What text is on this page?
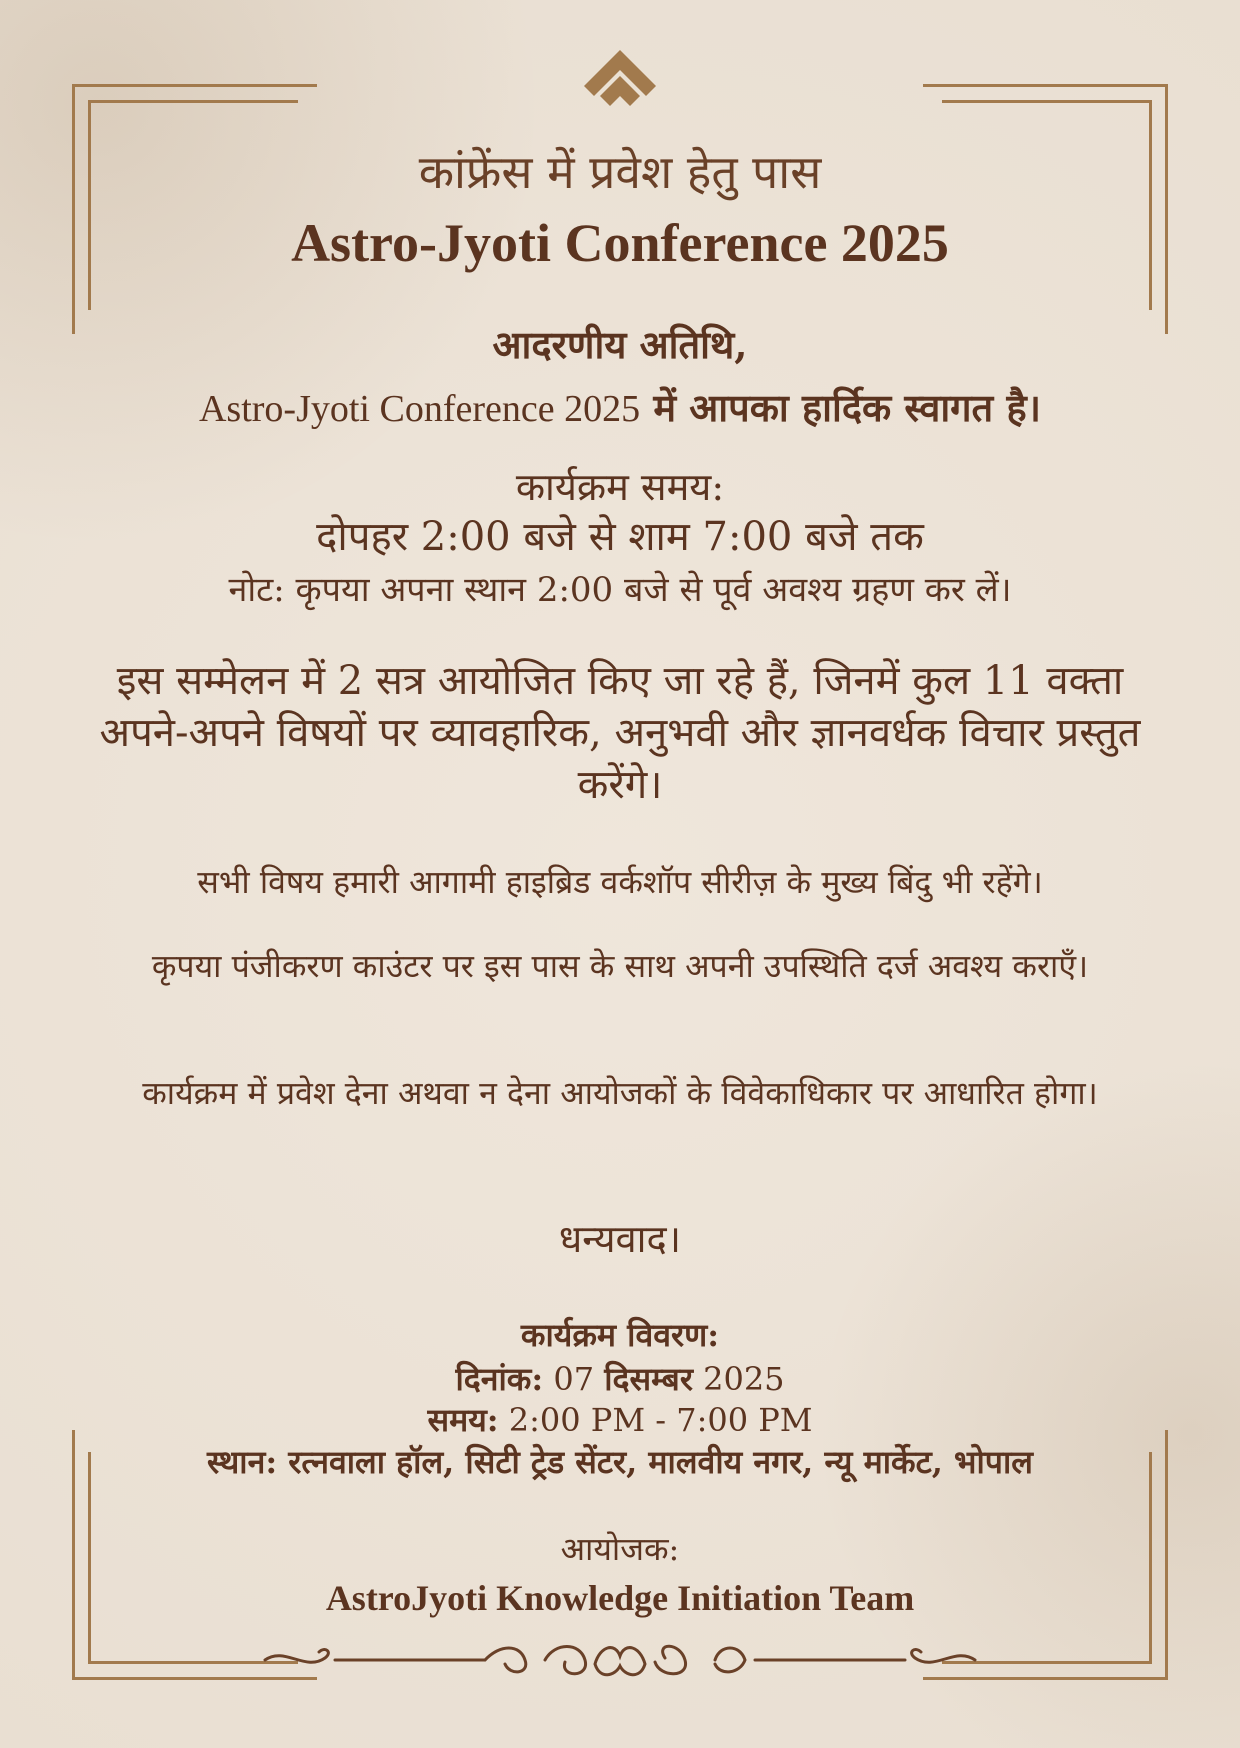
कांफ्रेंस में प्रवेश हेतु पास
Astro-Jyoti Conference 2025
आदरणीय अतिथि,
Astro-Jyoti Conference 2025 में आपका हार्दिक स्वागत है।
कार्यक्रम समय:
दोपहर 2:00 बजे से शाम 7:00 बजे तक
नोट: कृपया अपना स्थान 2:00 बजे से पूर्व अवश्य ग्रहण कर लें।
इस सम्मेलन में 2 सत्र आयोजित किए जा रहे हैं, जिनमें कुल 11 वक्ता अपने-अपने विषयों पर व्यावहारिक, अनुभवी और ज्ञानवर्धक विचार प्रस्तुत करेंगे।
सभी विषय हमारी आगामी हाइब्रिड वर्कशॉप सीरीज़ के मुख्य बिंदु भी रहेंगे।
कृपया पंजीकरण काउंटर पर इस पास के साथ अपनी उपस्थिति दर्ज अवश्य कराएँ।
कार्यक्रम में प्रवेश देना अथवा न देना आयोजकों के विवेकाधिकार पर आधारित होगा।
धन्यवाद।
कार्यक्रम विवरण:
दिनांक: 07 दिसम्बर 2025
समय: 2:00 PM - 7:00 PM
स्थान: रत्नवाला हॉल, सिटी ट्रेड सेंटर, मालवीय नगर, न्यू मार्केट, भोपाल
आयोजक:
AstroJyoti Knowledge Initiation Team
